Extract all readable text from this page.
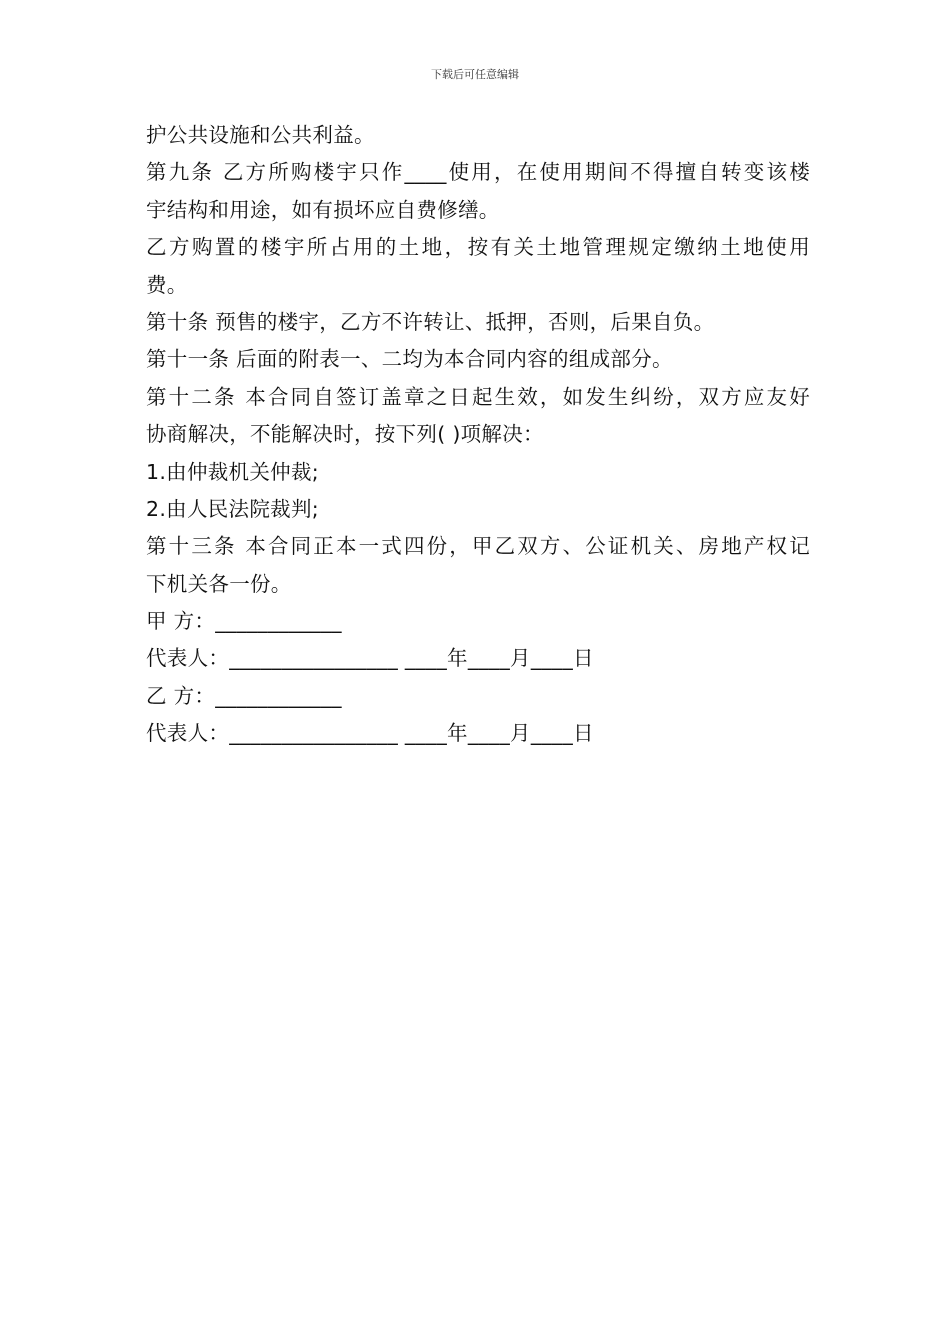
下载后可任意编辑
护公共设施和公共利益。
第九条 乙方所购楼宇只作____使用，在使用期间不得擅自转变该楼
宇结构和用途，如有损坏应自费修缮。
乙方购置的楼宇所占用的土地，按有关土地管理规定缴纳土地使用
费。
第十条 预售的楼宇，乙方不许转让、抵押，否则，后果自负。
第十一条 后面的附表一、二均为本合同内容的组成部分。
第十二条 本合同自签订盖章之日起生效，如发生纠纷，双方应友好
协商解决，不能解决时，按下列( )项解决：
1.由仲裁机关仲裁;
2.由人民法院裁判;
第十三条 本合同正本一式四份，甲乙双方、公证机关、房地产权记
下机关各一份。
甲 方：____________
代表人：________________ ____年____月____日
乙 方：____________
代表人：________________ ____年____月____日
